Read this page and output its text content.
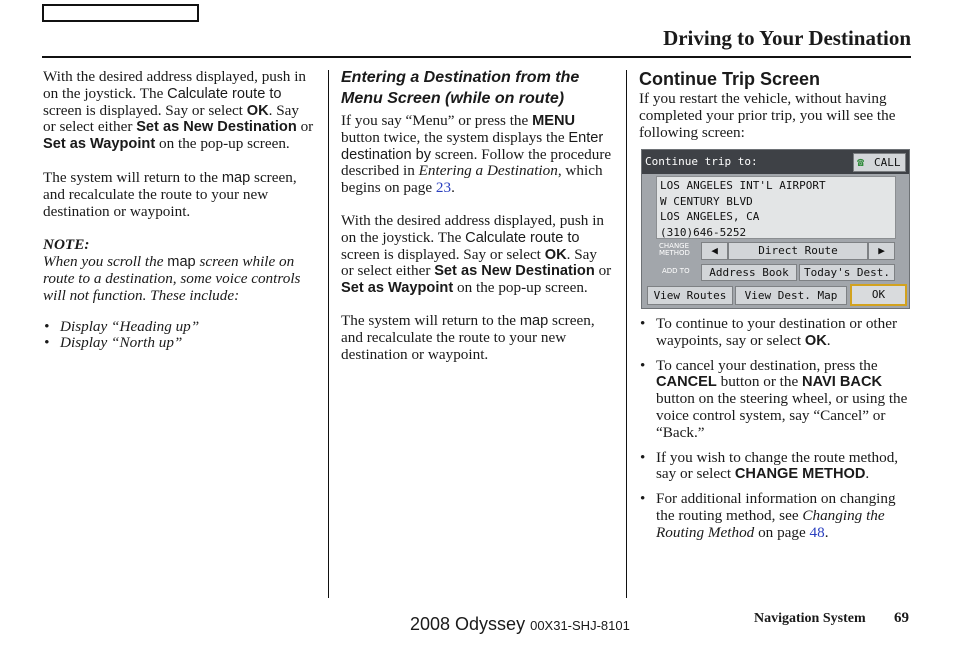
Driving to Your Destination

With the desired address displayed, push in on the joystick. The Calculate route to screen is displayed. Say or select OK. Say or select either Set as New Destination or Set as Waypoint on the pop-up screen.

The system will return to the map screen, and recalculate the route to your new destination or waypoint.

NOTE:

When you scroll the map screen while on route to a destination, some voice controls will not function. These include:

• Display “Heading up”
• Display “North up”

Entering a Destination from the Menu Screen (while on route)

If you say “Menu” or press the MENU button twice, the system displays the Enter destination by screen. Follow the procedure described in Entering a Destination, which begins on page 23.

With the desired address displayed, push in on the joystick. The Calculate route to screen is displayed. Say or select OK. Say or select either Set as New Destination or Set as Waypoint on the pop-up screen.

The system will return to the map screen, and recalculate the route to your new destination or waypoint.

Continue Trip Screen

If you restart the vehicle, without having completed your prior trip, you will see the following screen:

Continue trip to:	☎ CALL
LOS ANGELES INT'L AIRPORT
W CENTURY BLVD
LOS ANGELES, CA
(310)646-5252
CHANGE METHOD
ADD TO
◀	Direct Route	▶
Address Book	Today's Dest.
View Routes	View Dest. Map	OK
• To continue to your destination or other waypoints, say or select OK.
• To cancel your destination, press the CANCEL button or the NAVI BACK button on the steering wheel, or using the voice control system, say “Cancel” or “Back.”
• If you wish to change the route method, say or select CHANGE METHOD.
• For additional information on changing the routing method, see Changing the Routing Method on page 48.
2008 Odyssey 00X31-SHJ-8101	Navigation System 69
